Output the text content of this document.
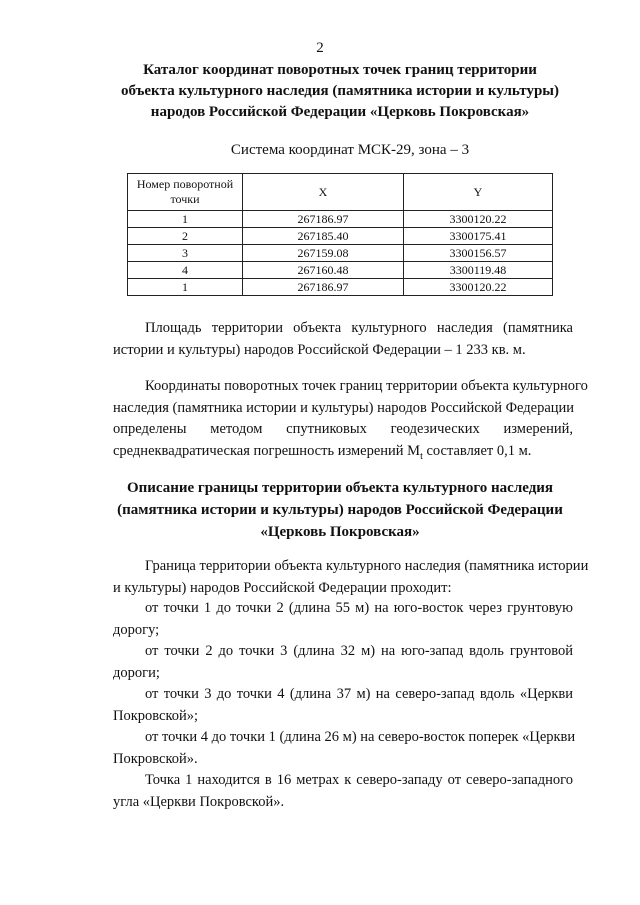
2
Каталог координат поворотных точек границ территории
объекта культурного наследия (памятника истории и культуры)
народов Российской Федерации «Церковь Покровская»
Система координат МСК-29, зона – 3
Номер поворотной точки	X	Y
1	267186.97	3300120.22
2	267185.40	3300175.41
3	267159.08	3300156.57
4	267160.48	3300119.48
1	267186.97	3300120.22
Площадь территории объекта культурного наследия (памятника
истории и культуры) народов Российской Федерации – 1 233 кв. м.
Координаты поворотных точек границ территории объекта культурного
наследия (памятника истории и культуры) народов Российской Федерации
определены методом спутниковых геодезических измерений,
среднеквадратическая погрешность измерений $M_t$ составляет 0,1 м.
Описание границы территории объекта культурного наследия
(памятника истории и культуры) народов Российской Федерации
«Церковь Покровская»
Граница территории объекта культурного наследия (памятника истории
и культуры) народов Российской Федерации проходит:
от точки 1 до точки 2 (длина 55 м) на юго-восток через грунтовую
дорогу;
от точки 2 до точки 3 (длина 32 м) на юго-запад вдоль грунтовой
дороги;
от точки 3 до точки 4 (длина 37 м) на северо-запад вдоль «Церкви
Покровской»;
от точки 4 до точки 1 (длина 26 м) на северо-восток поперек «Церкви
Покровской».
Точка 1 находится в 16 метрах к северо-западу от северо-западного
угла «Церкви Покровской».
